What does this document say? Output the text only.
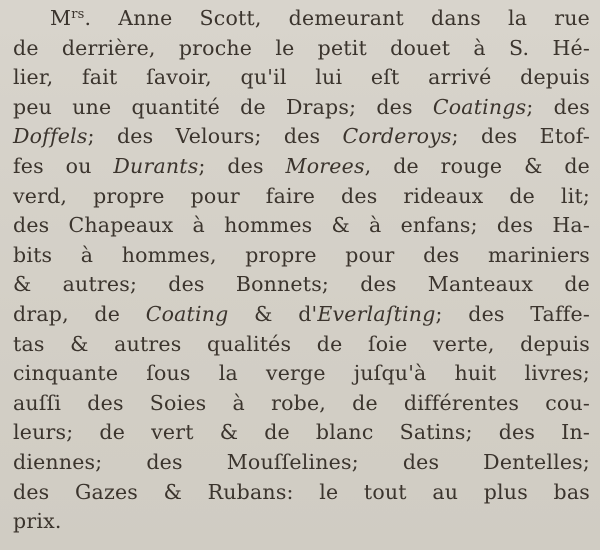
$M^{rs}$. Anne Scott, demeurant dans la rue
de derrière, proche le petit douet à S. Hé-
lier, fait ſavoir, qu'il lui eſt arrivé depuis
peu une quantité de Draps; des Coatings; des
Doffels; des Velours; des Corderoys; des Etof-
fes ou Durants; des Morees, de rouge & de
verd, propre pour faire des rideaux de lit;
des Chapeaux à hommes & à enfans; des Ha-
bits à hommes, propre pour des mariniers
& autres; des Bonnets; des Manteaux de
drap, de Coating & d'Everlaſting; des Taffe-
tas & autres qualités de ſoie verte, depuis
cinquante ſous la verge juſqu'à huit livres;
auſſi des Soies à robe, de différentes cou-
leurs; de vert & de blanc Satins; des In-
diennes; des Mouſſelines; des Dentelles;
des Gazes & Rubans: le tout au plus bas
prix.
